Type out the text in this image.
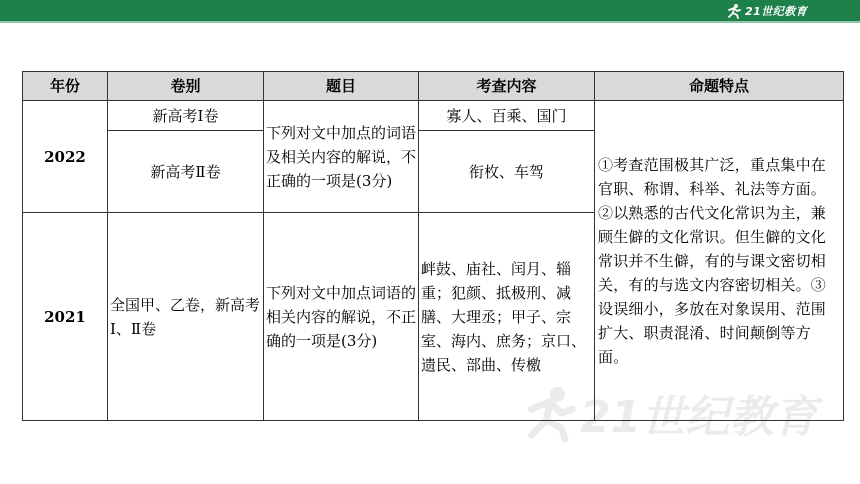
21世纪教育
21世纪教育
年份	卷别	题目	考查内容	命题特点
2022	新高考Ⅰ卷	下列对文中加点的词语及相关内容的解说，不正确的一项是(3分)	寡人、百乘、国门	①考查范围极其广泛，重点集中在官职、称谓、科举、礼法等方面。②以熟悉的古代文化常识为主，兼顾生僻的文化常识。但生僻的文化常识并不生僻，有的与课文密切相关，有的与选文内容密切相关。③设误细小，多放在对象误用、范围扩大、职责混淆、时间颠倒等方面。
	新高考Ⅱ卷		衔枚、车驾	
2021	全国甲、乙卷，新高考Ⅰ、Ⅱ卷	下列对文中加点词语的相关内容的解说，不正确的一项是(3分)	衅鼓、庙社、闰月、辎重；犯颜、抵极刑、减膳、大理丞；甲子、宗室、海内、庶务；京口、遗民、部曲、传檄	
